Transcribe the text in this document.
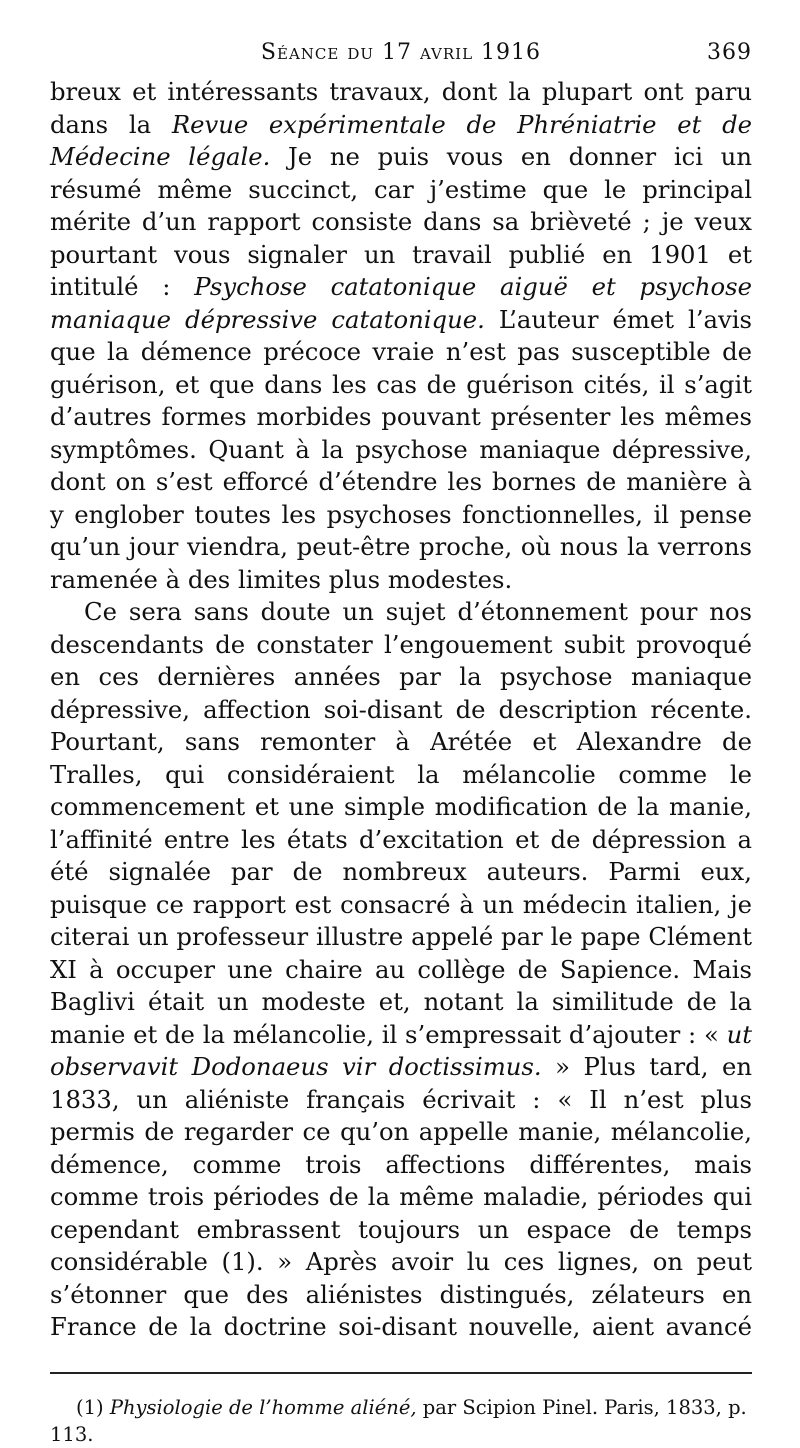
Séance du 17 avril 1916	369

breux et intéressants travaux, dont la plupart ont paru dans la Revue expérimentale de Phréniatrie et de Médecine légale. Je ne puis vous en donner ici un résumé même succinct, car j’estime que le principal mérite d’un rapport consiste dans sa brièveté ; je veux pourtant vous signaler un travail publié en 1901 et intitulé : Psychose catatonique aiguë et psychose maniaque dépressive catatonique. L’auteur émet l’avis que la démence précoce vraie n’est pas susceptible de guérison, et que dans les cas de guérison cités, il s’agit d’autres formes morbides pouvant présenter les mêmes symptômes. Quant à la psychose maniaque dépressive, dont on s’est efforcé d’étendre les bornes de manière à y englober toutes les psychoses fonctionnelles, il pense qu’un jour viendra, peut-être proche, où nous la verrons ramenée à des limites plus modestes.

Ce sera sans doute un sujet d’étonnement pour nos descendants de constater l’engouement subit provoqué en ces dernières années par la psychose maniaque dépressive, affection soi-disant de description récente. Pourtant, sans remonter à Arétée et Alexandre de Tralles, qui considéraient la mélancolie comme le commencement et une simple modification de la manie, l’affinité entre les états d’excitation et de dépression a été signalée par de nombreux auteurs. Parmi eux, puisque ce rapport est consacré à un médecin italien, je citerai un professeur illustre appelé par le pape Clément XI à occuper une chaire au collège de Sapience. Mais Baglivi était un modeste et, notant la similitude de la manie et de la mélancolie, il s’empressait d’ajouter : « ut observavit Dodonaeus vir doctissimus. » Plus tard, en 1833, un aliéniste français écrivait : « Il n’est plus permis de regarder ce qu’on appelle manie, mélancolie, démence, comme trois affections différentes, mais comme trois périodes de la même maladie, périodes qui cependant embrassent toujours un espace de temps considérable (1). » Après avoir lu ces lignes, on peut s’étonner que des aliénistes distingués, zélateurs en France de la doctrine soi-disant nouvelle, aient avancé

(1) Physiologie de l’homme aliéné, par Scipion Pinel. Paris, 1833, p. 113.
